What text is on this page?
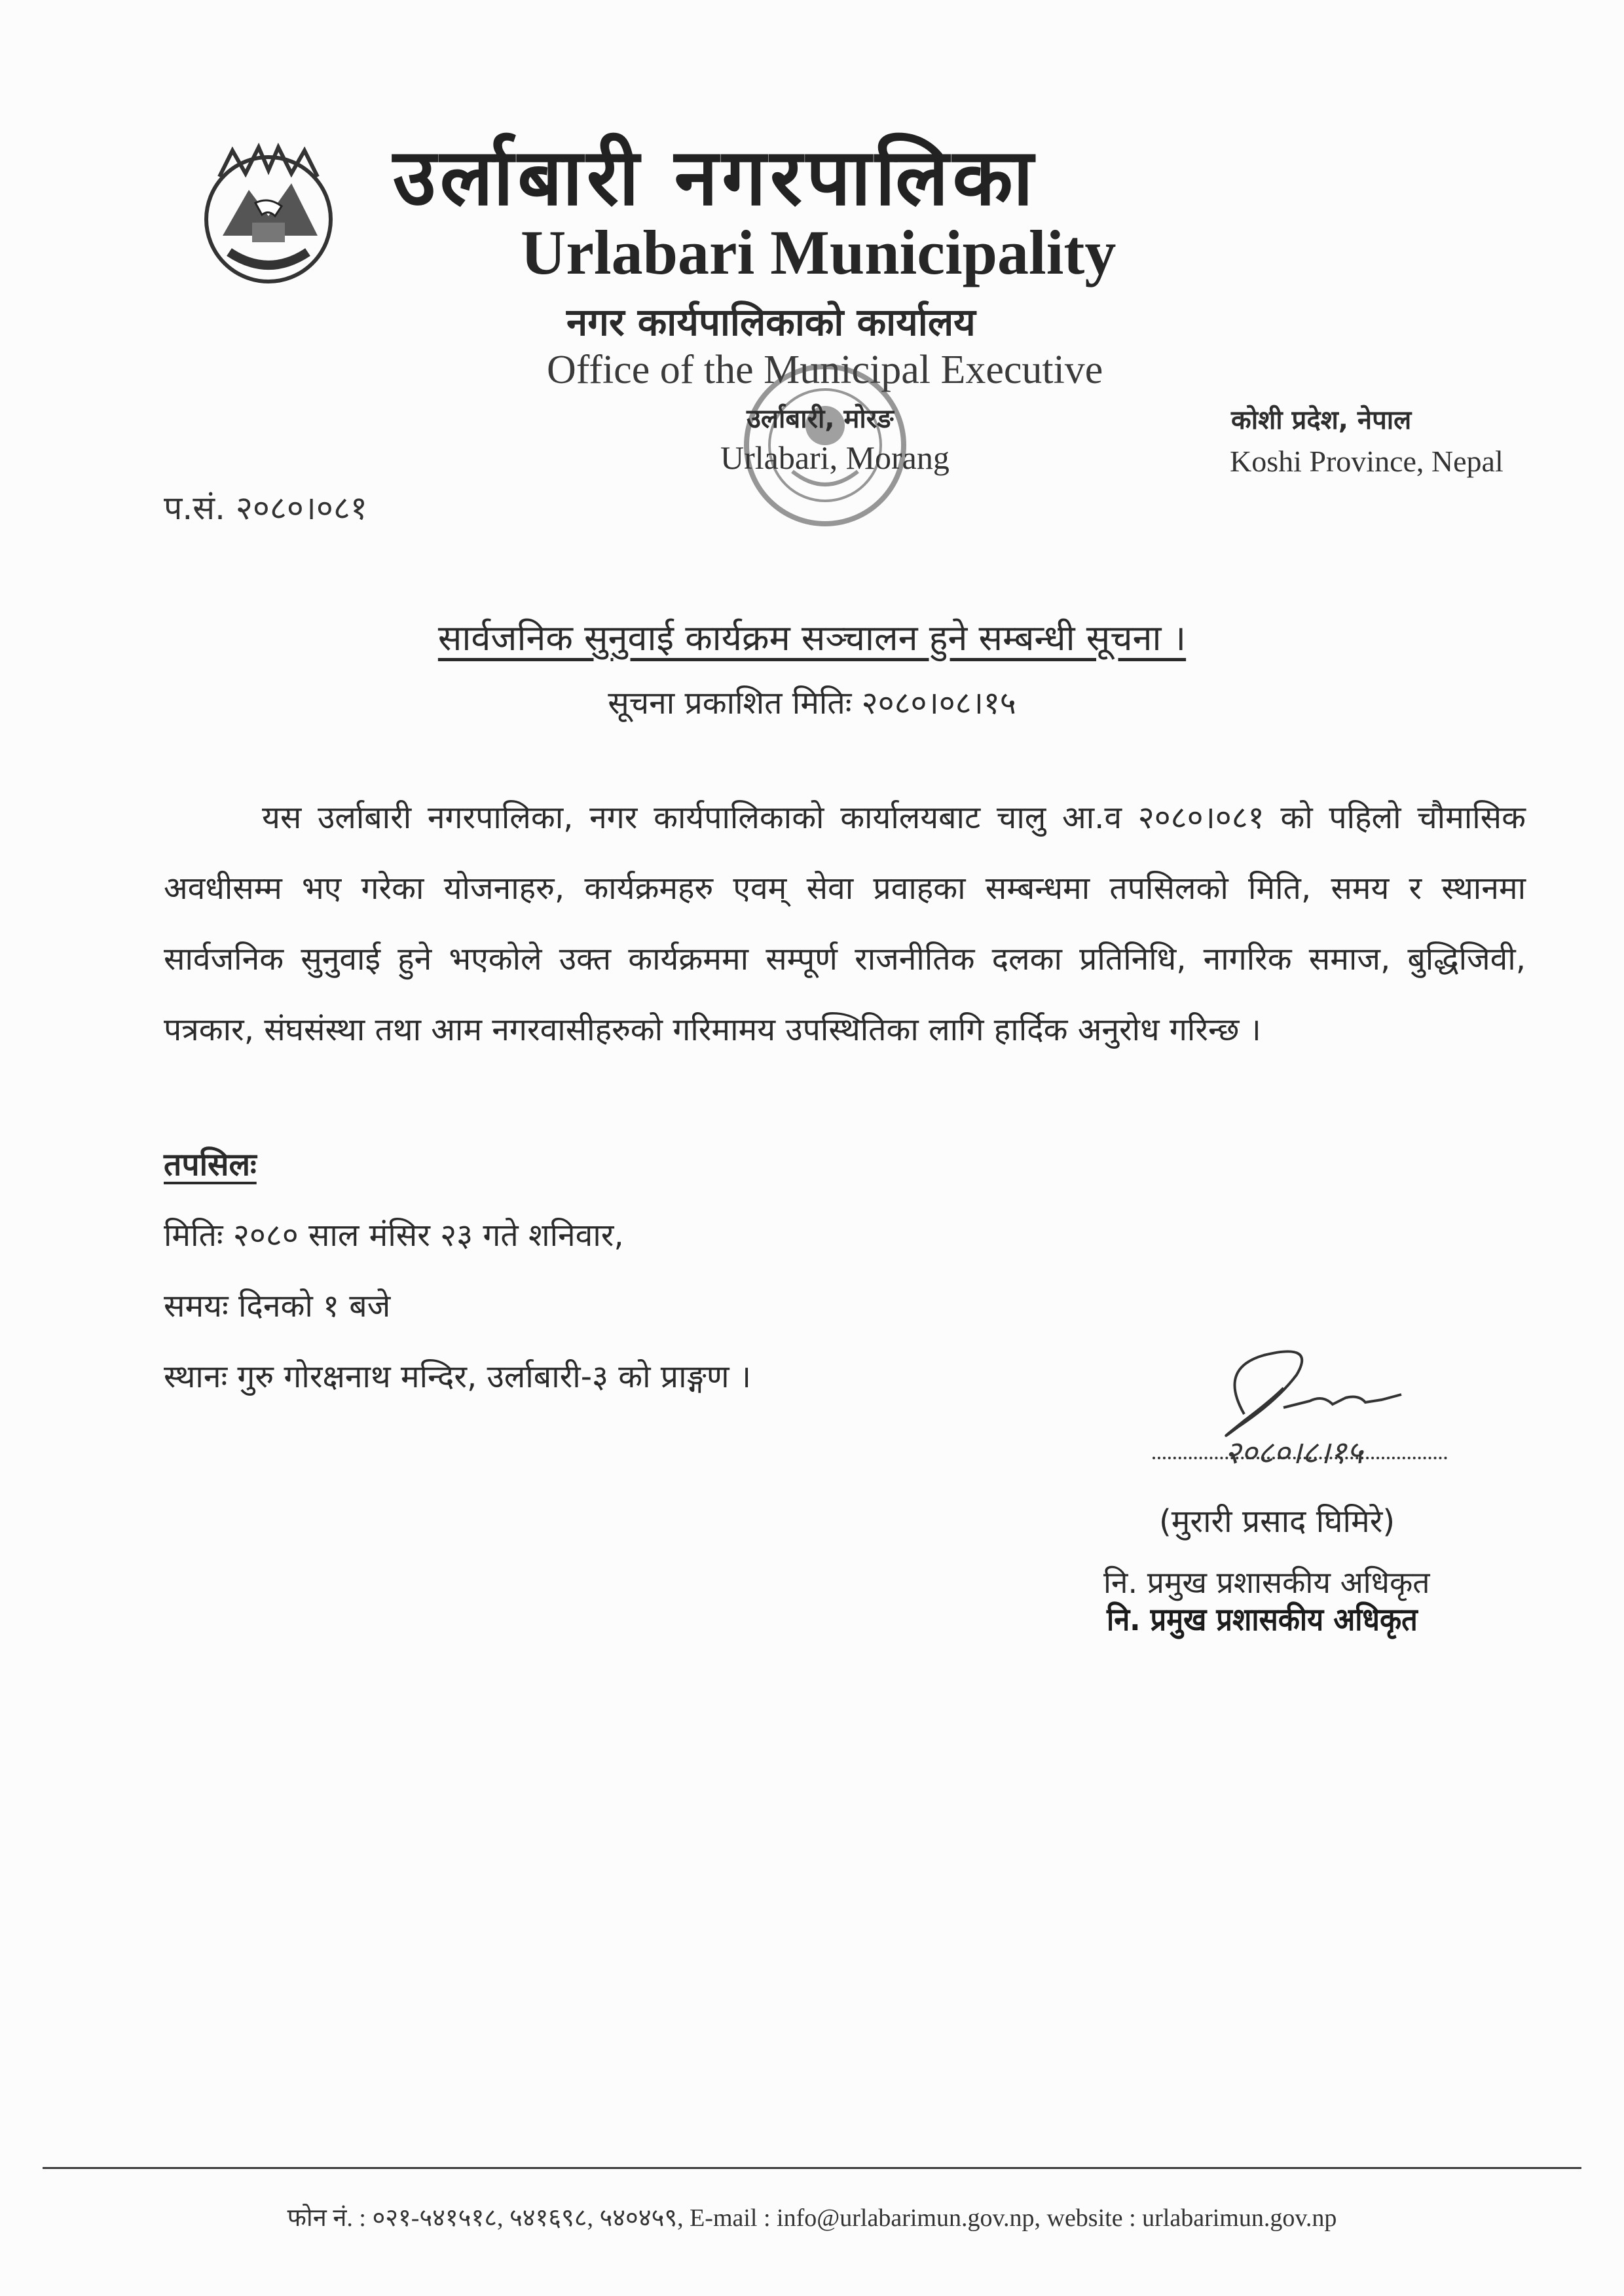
उर्लाबारी नगरपालिका
Urlabari Municipality
नगर कार्यपालिकाको कार्यालय
Office of the Municipal Executive
उर्लाबारी, मोरङ
Urlabari, Morang
कोशी प्रदेश, नेपाल
Koshi Province, Nepal
प.सं. २०८०।०८१
सार्वजनिक सुनुवाई कार्यक्रम सञ्चालन हुने सम्बन्धी सूचना ।
सूचना प्रकाशित मितिः २०८०।०८।१५
यस उर्लाबारी नगरपालिका, नगर कार्यपालिकाको कार्यालयबाट चालु आ.व २०८०।०८१ को पहिलो चौमासिक अवधीसम्म भए गरेका योजनाहरु, कार्यक्रमहरु एवम् सेवा प्रवाहका सम्बन्धमा तपसिलको मिति, समय र स्थानमा सार्वजनिक सुनुवाई हुने भएकोले उक्त कार्यक्रममा सम्पूर्ण राजनीतिक दलका प्रतिनिधि, नागरिक समाज, बुद्धिजिवी, पत्रकार, संघसंस्था तथा आम नगरवासीहरुको गरिमामय उपस्थितिका लागि हार्दिक अनुरोध गरिन्छ ।
तपसिलः
मितिः २०८० साल मंसिर २३ गते शनिवार,
समयः दिनको १ बजे
स्थानः गुरु गोरक्षनाथ मन्दिर, उर्लाबारी-३ को प्राङ्गण ।
२०८०।८।१५
(मुरारी प्रसाद घिमिरे)
नि. प्रमुख प्रशासकीय अधिकृत
नि. प्रमुख प्रशासकीय अधिकृत
फोन नं. : ०२१-५४१५१८, ५४१६९८, ५४०४५९, E-mail : info@urlabarimun.gov.np, website : urlabarimun.gov.np
